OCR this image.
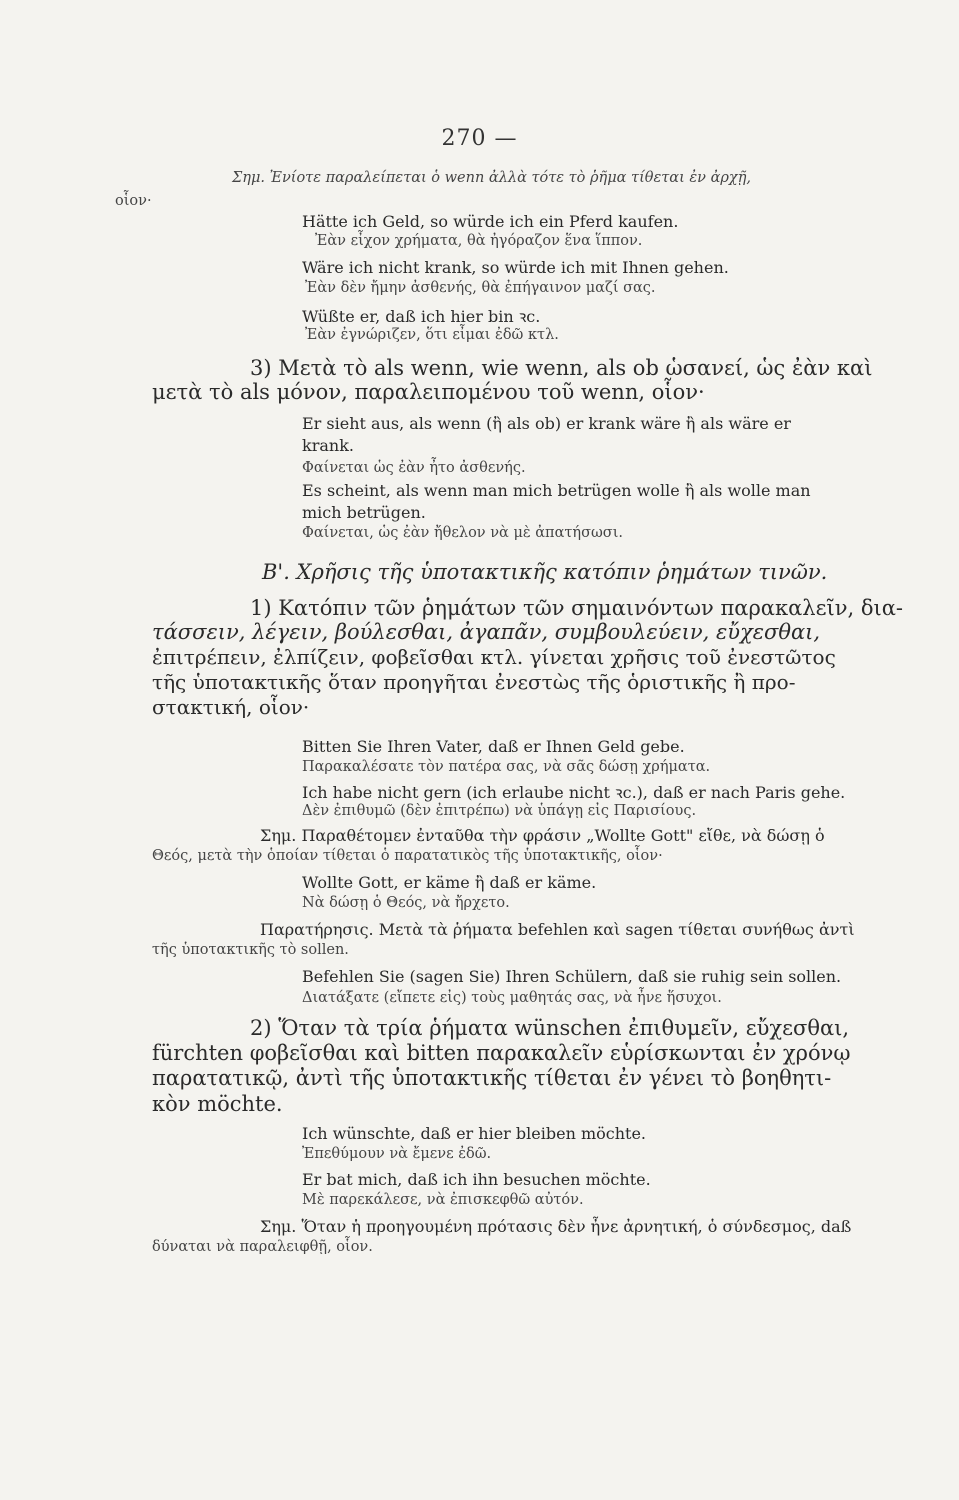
270 —
Σημ. Ἐνίοτε παραλείπεται ὁ wenn ἀλλὰ τότε τὸ ῥῆμα τίθεται ἐν ἀρχῇ,
οἷον·
Hätte ich Geld, so würde ich ein Pferd kaufen.
Ἐὰν εἶχον χρήματα, θὰ ἠγόραζον ἕνα ἵππον.
Wäre ich nicht krank, so würde ich mit Ihnen gehen.
Ἐὰν δὲν ἤμην ἀσθενής, θὰ ἐπήγαινον μαζί σας.
Wüßte er, daß ich hier bin ꝛc.
Ἐὰν ἐγνώριζεν, ὅτι εἶμαι ἐδῶ κτλ.
3) Μετὰ τὸ als wenn, wie wenn, als ob ὡσανεί, ὡς ἐὰν καὶ
μετὰ τὸ als μόνον, παραλειπομένου τοῦ wenn, οἷον·
Er sieht aus, als wenn (ἢ als ob) er krank wäre ἢ als wäre er
krank.
Φαίνεται ὡς ἐὰν ἦτο ἀσθενής.
Es scheint, als wenn man mich betrügen wolle ἢ als wolle man
mich betrügen.
Φαίνεται, ὡς ἐὰν ἤθελον νὰ μὲ ἀπατήσωσι.
Β'. Χρῆσις τῆς ὑποτακτικῆς κατόπιν ῥημάτων τινῶν.
1) Κατόπιν τῶν ῥημάτων τῶν σημαινόντων παρακαλεῖν, δια-
τάσσειν, λέγειν, βούλεσθαι, ἀγαπᾶν, συμβουλεύειν, εὔχεσθαι,
ἐπιτρέπειν, ἐλπίζειν, φοβεῖσθαι κτλ. γίνεται χρῆσις τοῦ ἐνεστῶτος
τῆς ὑποτακτικῆς ὅταν προηγῆται ἐνεστὼς τῆς ὁριστικῆς ἢ προ-
στακτική, οἷον·
Bitten Sie Ihren Vater, daß er Ihnen Geld gebe.
Παρακαλέσατε τὸν πατέρα σας, νὰ σᾶς δώσῃ χρήματα.
Ich habe nicht gern (ich erlaube nicht ꝛc.), daß er nach Paris gehe.
Δὲν ἐπιθυμῶ (δὲν ἐπιτρέπω) νὰ ὑπάγῃ εἰς Παρισίους.
Σημ. Παραθέτομεν ἐνταῦθα τὴν φράσιν „Wollte Gott" εἴθε, νὰ δώσῃ ὁ
Θεός, μετὰ τὴν ὁποίαν τίθεται ὁ παρατατικὸς τῆς ὑποτακτικῆς, οἷον·
Wollte Gott, er käme ἢ daß er käme.
Νὰ δώσῃ ὁ Θεός, νὰ ἤρχετο.
Παρατήρησις. Μετὰ τὰ ῥήματα befehlen καὶ sagen τίθεται συνήθως ἀντὶ
τῆς ὑποτακτικῆς τὸ sollen.
Befehlen Sie (sagen Sie) Ihren Schülern, daß sie ruhig sein sollen.
Διατάξατε (εἴπετε εἰς) τοὺς μαθητάς σας, νὰ ἦνε ἥσυχοι.
2) Ὅταν τὰ τρία ῥήματα wünschen ἐπιθυμεῖν, εὔχεσθαι,
fürchten φοβεῖσθαι καὶ bitten παρακαλεῖν εὑρίσκωνται ἐν χρόνῳ
παρατατικῷ, ἀντὶ τῆς ὑποτακτικῆς τίθεται ἐν γένει τὸ βοηθητι-
κὸν möchte.
Ich wünschte, daß er hier bleiben möchte.
Ἐπεθύμουν νὰ ἔμενε ἐδῶ.
Er bat mich, daß ich ihn besuchen möchte.
Μὲ παρεκάλεσε, νὰ ἐπισκεφθῶ αὐτόν.
Σημ. Ὅταν ἡ προηγουμένη πρότασις δὲν ἦνε ἀρνητική, ὁ σύνδεσμος, daß
δύναται νὰ παραλειφθῇ, οἷον.
